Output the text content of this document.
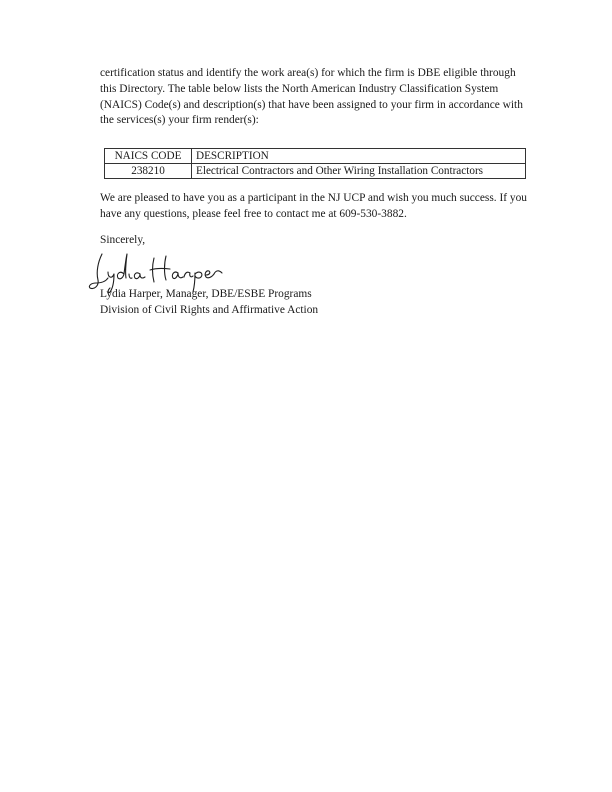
certification status and identify the work area(s) for which the firm is DBE eligible through this Directory. The table below lists the North American Industry Classification System (NAICS) Code(s) and description(s) that have been assigned to your firm in accordance with the services(s) your firm render(s):

NAICS CODE	DESCRIPTION
238210	Electrical Contractors and Other Wiring Installation Contractors

We are pleased to have you as a participant in the NJ UCP and wish you much success. If you have any questions, please feel free to contact me at 609-530-3882.

Sincerely,
Lydia Harper, Manager, DBE/ESBE Programs
Division of Civil Rights and Affirmative Action
